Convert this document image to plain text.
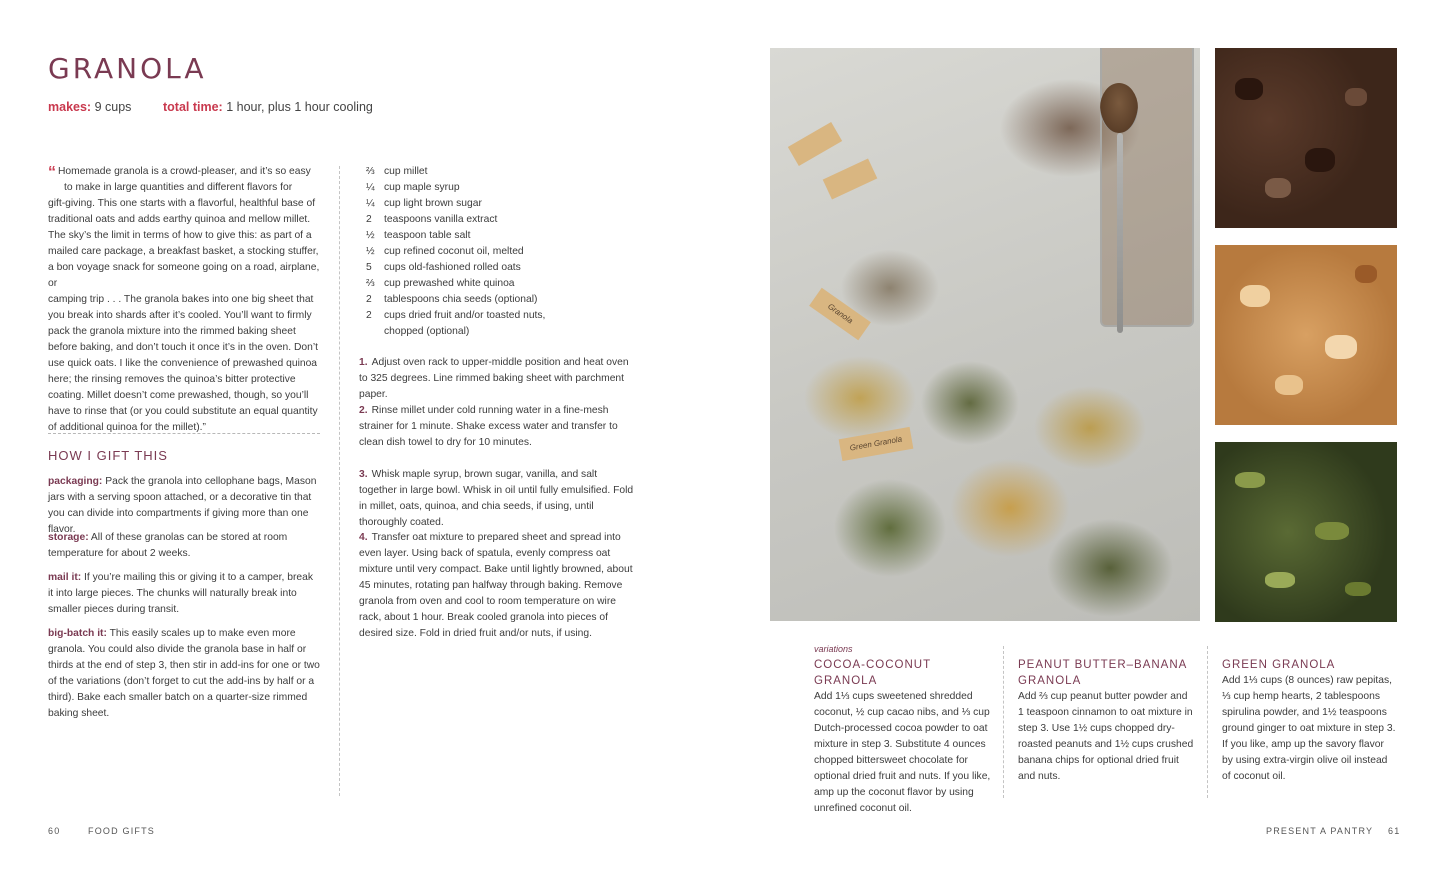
GRANOLA
makes: 9 cups	total time: 1 hour, plus 1 hour cooling
“ Homemade granola is a crowd-pleaser, and it’s so easy
to make in large quantities and different flavors for
gift-giving. This one starts with a flavorful, healthful base of
traditional oats and adds earthy quinoa and mellow millet.
The sky’s the limit in terms of how to give this: as part of a
mailed care package, a breakfast basket, a stocking stuffer,
a bon voyage snack for someone going on a road, airplane, or
camping trip . . . The granola bakes into one big sheet that
you break into shards after it’s cooled. You’ll want to firmly
pack the granola mixture into the rimmed baking sheet
before baking, and don’t touch it once it’s in the oven. Don’t
use quick oats. I like the convenience of prewashed quinoa
here; the rinsing removes the quinoa’s bitter protective
coating. Millet doesn’t come prewashed, though, so you’ll
have to rinse that (or you could substitute an equal quantity
of additional quinoa for the millet).”
HOW I GIFT THIS

packaging: Pack the granola into cellophane bags, Mason jars with a serving spoon attached, or a decorative tin that you can divide into compartments if giving more than one flavor.

storage: All of these granolas can be stored at room temperature for about 2 weeks.

mail it: If you’re mailing this or giving it to a camper, break it into large pieces. The chunks will naturally break into smaller pieces during transit.

big-batch it: This easily scales up to make even more granola. You could also divide the granola base in half or thirds at the end of step 3, then stir in add-ins for one or two of the variations (don’t forget to cut the add-ins by half or a third). Bake each smaller batch on a quarter-size rimmed baking sheet.

⅔ cup millet
¼ cup maple syrup
¼ cup light brown sugar
2	teaspoons vanilla extract
½ teaspoon table salt
½ cup refined coconut oil, melted
5	cups old-fashioned rolled oats
⅔ cup prewashed white quinoa
2	tablespoons chia seeds (optional)
2	cups dried fruit and/or toasted nuts, chopped (optional)

1. Adjust oven rack to upper-middle position and heat oven to 325 degrees. Line rimmed baking sheet with parchment paper.

2. Rinse millet under cold running water in a fine-mesh strainer for 1 minute. Shake excess water and transfer to clean dish towel to dry for 10 minutes.

3. Whisk maple syrup, brown sugar, vanilla, and salt together in large bowl. Whisk in oil until fully emulsified. Fold in millet, oats, quinoa, and chia seeds, if using, until thoroughly coated.

4. Transfer oat mixture to prepared sheet and spread into even layer. Using back of spatula, evenly compress oat mixture until very compact. Bake until lightly browned, about 45 minutes, rotating pan halfway through baking. Remove granola from oven and cool to room temperature on wire rack, about 1 hour. Break cooled granola into pieces of desired size. Fold in dried fruit and/or nuts, if using.

60	FOOD GIFTS
Granola
Green Granola
variations
COCOA-COCONUT GRANOLA

Add 1⅓ cups sweetened shredded coconut, ½ cup cacao nibs, and ⅓ cup Dutch-processed cocoa powder to oat mixture in step 3. Substitute 4 ounces chopped bittersweet chocolate for optional dried fruit and nuts. If you like, amp up the coconut flavor by using unrefined coconut oil.

PEANUT BUTTER–BANANA GRANOLA

Add ⅔ cup peanut butter powder and 1 teaspoon cinnamon to oat mixture in step 3. Use 1½ cups chopped dry-roasted peanuts and 1½ cups crushed banana chips for optional dried fruit and nuts.

GREEN GRANOLA

Add 1⅓ cups (8 ounces) raw pepitas, ⅓ cup hemp hearts, 2 tablespoons spirulina powder, and 1½ teaspoons ground ginger to oat mixture in step 3. If you like, amp up the savory flavor by using extra-virgin olive oil instead of coconut oil.

PRESENT A PANTRY 61
